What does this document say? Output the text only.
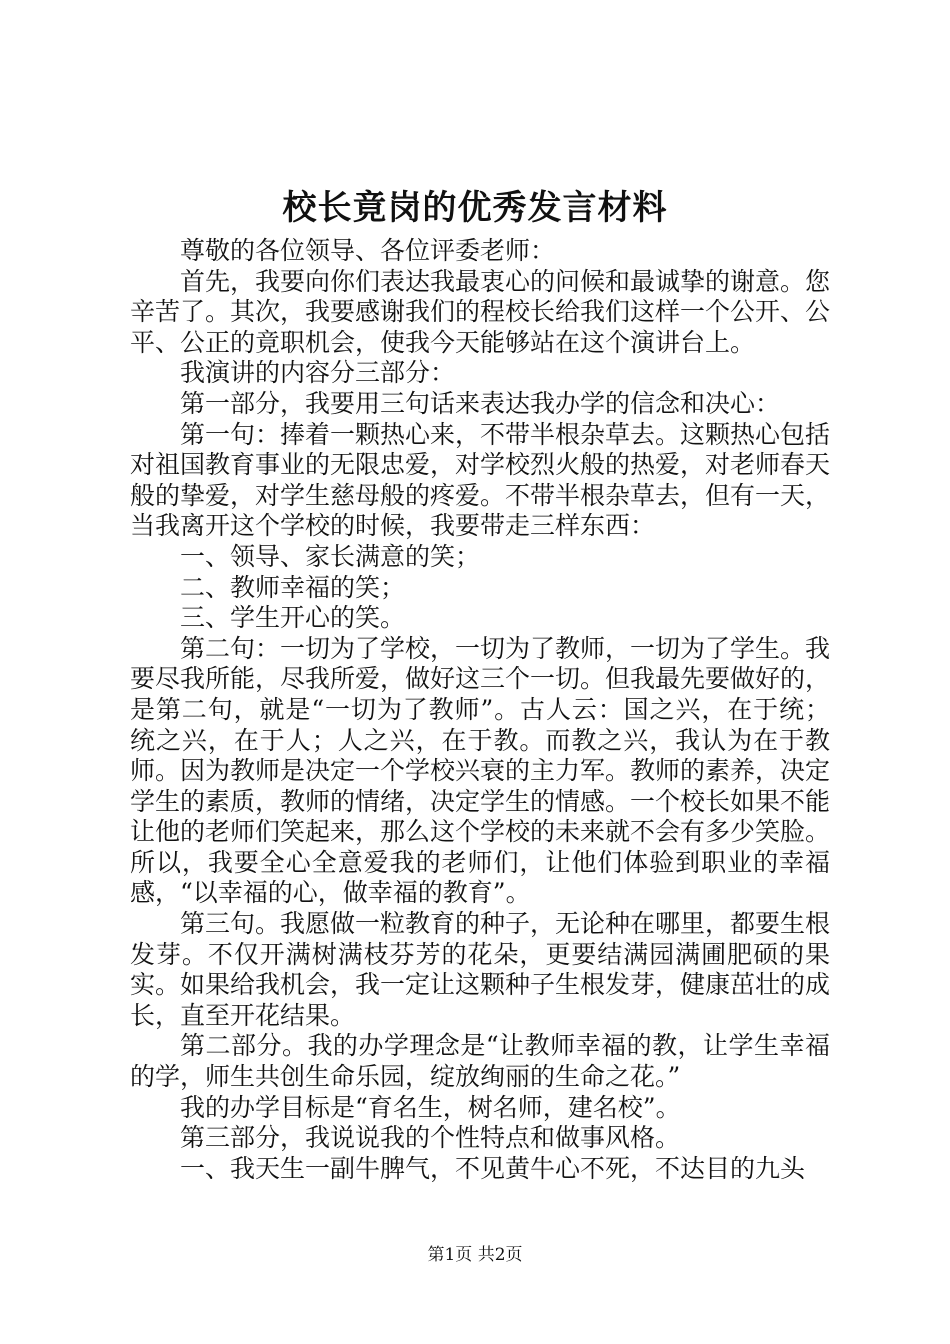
校长竟岗的优秀发言材料

尊敬的各位领导、各位评委老师：

首先，我要向你们表达我最衷心的问候和最诚挚的谢意。您辛苦了。其次，我要感谢我们的程校长给我们这样一个公开、公平、公正的竟职机会，使我今天能够站在这个演讲台上。

我演讲的内容分三部分：

第一部分，我要用三句话来表达我办学的信念和决心：

第一句：捧着一颗热心来，不带半根杂草去。这颗热心包括对祖国教育事业的无限忠爱，对学校烈火般的热爱，对老师春天般的挚爱，对学生慈母般的疼爱。不带半根杂草去，但有一天，当我离开这个学校的时候，我要带走三样东西：

一、领导、家长满意的笑；

二、教师幸福的笑；

三、学生开心的笑。

第二句：一切为了学校，一切为了教师，一切为了学生。我要尽我所能，尽我所爱，做好这三个一切。但我最先要做好的，是第二句，就是“一切为了教师”。古人云：国之兴，在于统；统之兴，在于人；人之兴，在于教。而教之兴，我认为在于教师。因为教师是决定一个学校兴衰的主力军。教师的素养，决定学生的素质，教师的情绪，决定学生的情感。一个校长如果不能让他的老师们笑起来，那么这个学校的未来就不会有多少笑脸。所以，我要全心全意爱我的老师们，让他们体验到职业的幸福感，“以幸福的心，做幸福的教育”。

第三句。我愿做一粒教育的种子，无论种在哪里，都要生根发芽。不仅开满树满枝芬芳的花朵，更要结满园满圃肥硕的果实。如果给我机会，我一定让这颗种子生根发芽，健康茁壮的成长，直至开花结果。

第二部分。我的办学理念是“让教师幸福的教，让学生幸福的学，师生共创生命乐园，绽放绚丽的生命之花。”

我的办学目标是“育名生，树名师，建名校”。

第三部分，我说说我的个性特点和做事风格。

一、我天生一副牛脾气，不见黄牛心不死，不达目的九头

第1页 共2页
